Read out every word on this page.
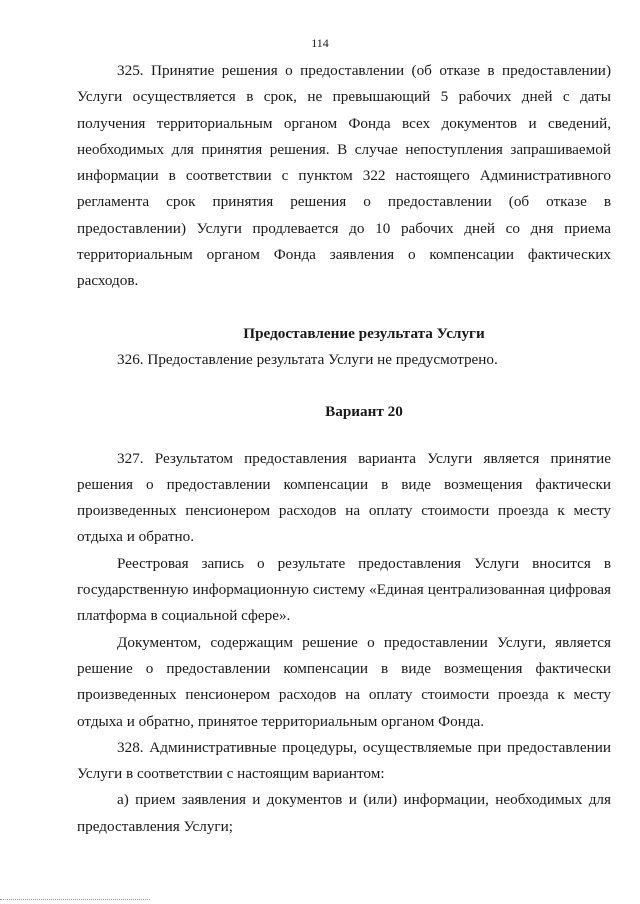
114

325. Принятие решения о предоставлении (об отказе в предоставлении) Услуги осуществляется в срок, не превышающий 5 рабочих дней с даты получения территориальным органом Фонда всех документов и сведений, необходимых для принятия решения. В случае непоступления запрашиваемой информации в соответствии с пунктом 322 настоящего Административного регламента срок принятия решения о предоставлении (об отказе в предоставлении) Услуги продлевается до 10 рабочих дней со дня приема территориальным органом Фонда заявления о компенсации фактических расходов.

Предоставление результата Услуги

326. Предоставление результата Услуги не предусмотрено.

Вариант 20

327. Результатом предоставления варианта Услуги является принятие решения о предоставлении компенсации в виде возмещения фактически произведенных пенсионером расходов на оплату стоимости проезда к месту отдыха и обратно.

Реестровая запись о результате предоставления Услуги вносится в государственную информационную систему «Единая централизованная цифровая платформа в социальной сфере».

Документом, содержащим решение о предоставлении Услуги, является решение о предоставлении компенсации в виде возмещения фактически произведенных пенсионером расходов на оплату стоимости проезда к месту отдыха и обратно, принятое территориальным органом Фонда.

328. Административные процедуры, осуществляемые при предоставлении Услуги в соответствии с настоящим вариантом:

а) прием заявления и документов и (или) информации, необходимых для предоставления Услуги;
